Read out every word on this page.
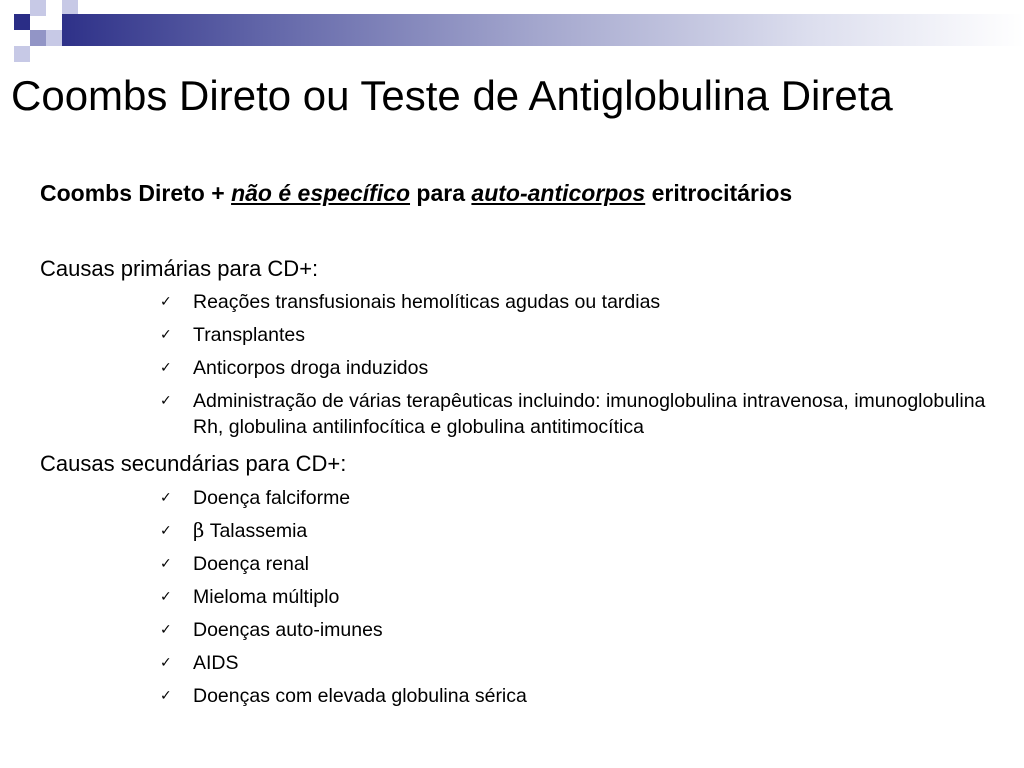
Coombs Direto ou Teste de Antiglobulina Direta
Coombs Direto + não é específico para auto-anticorpos eritrocitários
Causas primárias para CD+:
✓ Reações transfusionais hemolíticas agudas ou tardias
✓ Transplantes
✓ Anticorpos droga induzidos
✓ Administração de várias terapêuticas incluindo: imunoglobulina intravenosa, imunoglobulina Rh, globulina antilinfocítica e globulina antitimocítica
Causas secundárias para CD+:
✓ Doença falciforme
✓ β Talassemia
✓ Doença renal
✓ Mieloma múltiplo
✓ Doenças auto-imunes
✓ AIDS
✓ Doenças com elevada globulina sérica
